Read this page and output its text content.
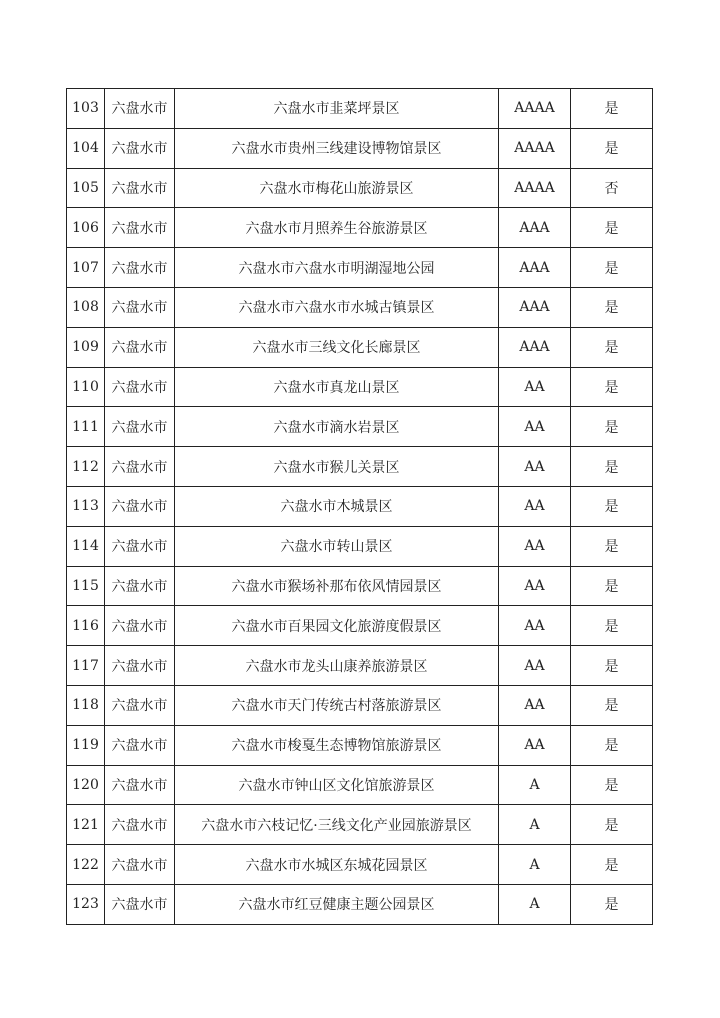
103	六盘水市	六盘水市韭菜坪景区	AAAA	是
104	六盘水市	六盘水市贵州三线建设博物馆景区	AAAA	是
105	六盘水市	六盘水市梅花山旅游景区	AAAA	否
106	六盘水市	六盘水市月照养生谷旅游景区	AAA	是
107	六盘水市	六盘水市六盘水市明湖湿地公园	AAA	是
108	六盘水市	六盘水市六盘水市水城古镇景区	AAA	是
109	六盘水市	六盘水市三线文化长廊景区	AAA	是
110	六盘水市	六盘水市真龙山景区	AA	是
111	六盘水市	六盘水市滴水岩景区	AA	是
112	六盘水市	六盘水市猴儿关景区	AA	是
113	六盘水市	六盘水市木城景区	AA	是
114	六盘水市	六盘水市转山景区	AA	是
115	六盘水市	六盘水市猴场补那布依风情园景区	AA	是
116	六盘水市	六盘水市百果园文化旅游度假景区	AA	是
117	六盘水市	六盘水市龙头山康养旅游景区	AA	是
118	六盘水市	六盘水市天门传统古村落旅游景区	AA	是
119	六盘水市	六盘水市梭戛生态博物馆旅游景区	AA	是
120	六盘水市	六盘水市钟山区文化馆旅游景区	A	是
121	六盘水市	六盘水市六枝记忆·三线文化产业园旅游景区	A	是
122	六盘水市	六盘水市水城区东城花园景区	A	是
123	六盘水市	六盘水市红豆健康主题公园景区	A	是
